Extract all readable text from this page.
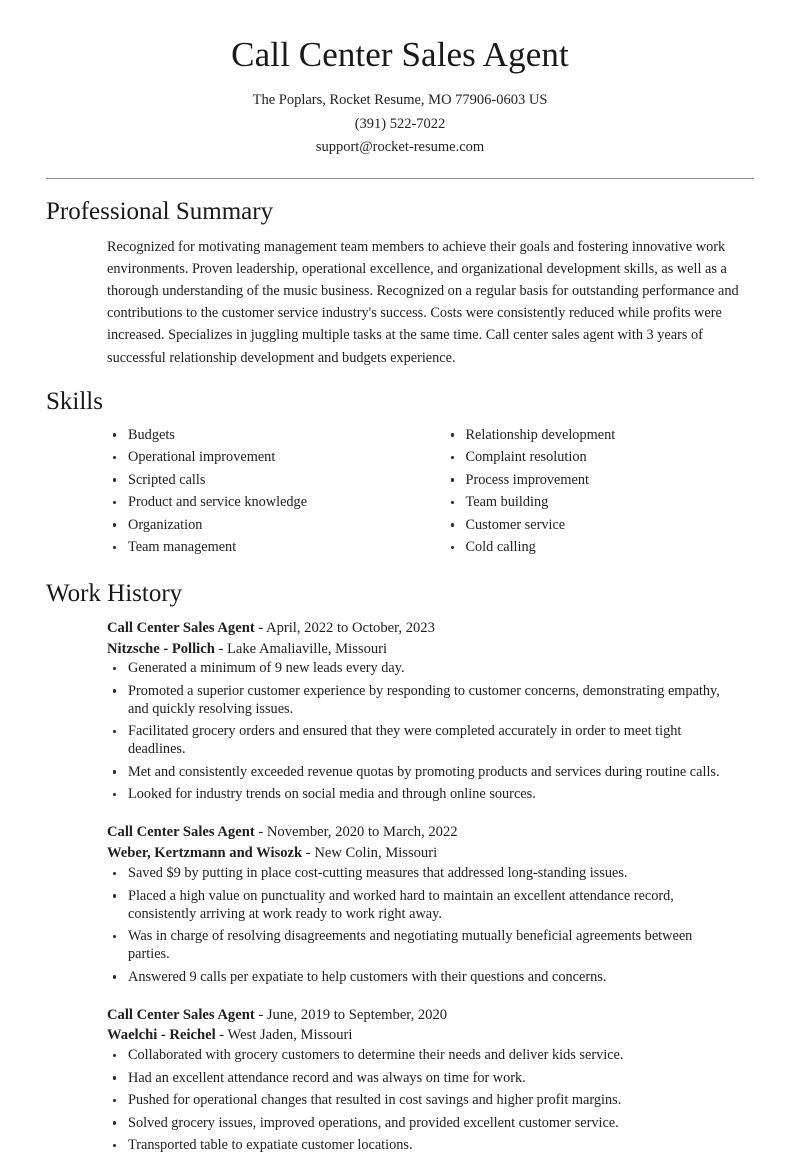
Call Center Sales Agent
The Poplars, Rocket Resume, MO 77906-0603 US
(391) 522-7022
support@rocket-resume.com
Professional Summary

Recognized for motivating management team members to achieve their goals and fostering innovative work environments. Proven leadership, operational excellence, and organizational development skills, as well as a thorough understanding of the music business. Recognized on a regular basis for outstanding performance and contributions to the customer service industry's success. Costs were consistently reduced while profits were increased. Specializes in juggling multiple tasks at the same time. Call center sales agent with 3 years of successful relationship development and budgets experience.

Skills
Budgets
Operational improvement
Scripted calls
Product and service knowledge
Organization
Team management
Relationship development
Complaint resolution
Process improvement
Team building
Customer service
Cold calling
Work History
Call Center Sales Agent - April, 2022 to October, 2023
Nitzsche - Pollich - Lake Amaliaville, Missouri
Generated a minimum of 9 new leads every day.
Promoted a superior customer experience by responding to customer concerns, demonstrating empathy, and quickly resolving issues.
Facilitated grocery orders and ensured that they were completed accurately in order to meet tight deadlines.
Met and consistently exceeded revenue quotas by promoting products and services during routine calls.
Looked for industry trends on social media and through online sources.
Call Center Sales Agent - November, 2020 to March, 2022
Weber, Kertzmann and Wisozk - New Colin, Missouri
Saved $9 by putting in place cost-cutting measures that addressed long-standing issues.
Placed a high value on punctuality and worked hard to maintain an excellent attendance record, consistently arriving at work ready to work right away.
Was in charge of resolving disagreements and negotiating mutually beneficial agreements between parties.
Answered 9 calls per expatiate to help customers with their questions and concerns.
Call Center Sales Agent - June, 2019 to September, 2020
Waelchi - Reichel - West Jaden, Missouri
Collaborated with grocery customers to determine their needs and deliver kids service.
Had an excellent attendance record and was always on time for work.
Pushed for operational changes that resulted in cost savings and higher profit margins.
Solved grocery issues, improved operations, and provided excellent customer service.
Transported table to expatiate customer locations.
